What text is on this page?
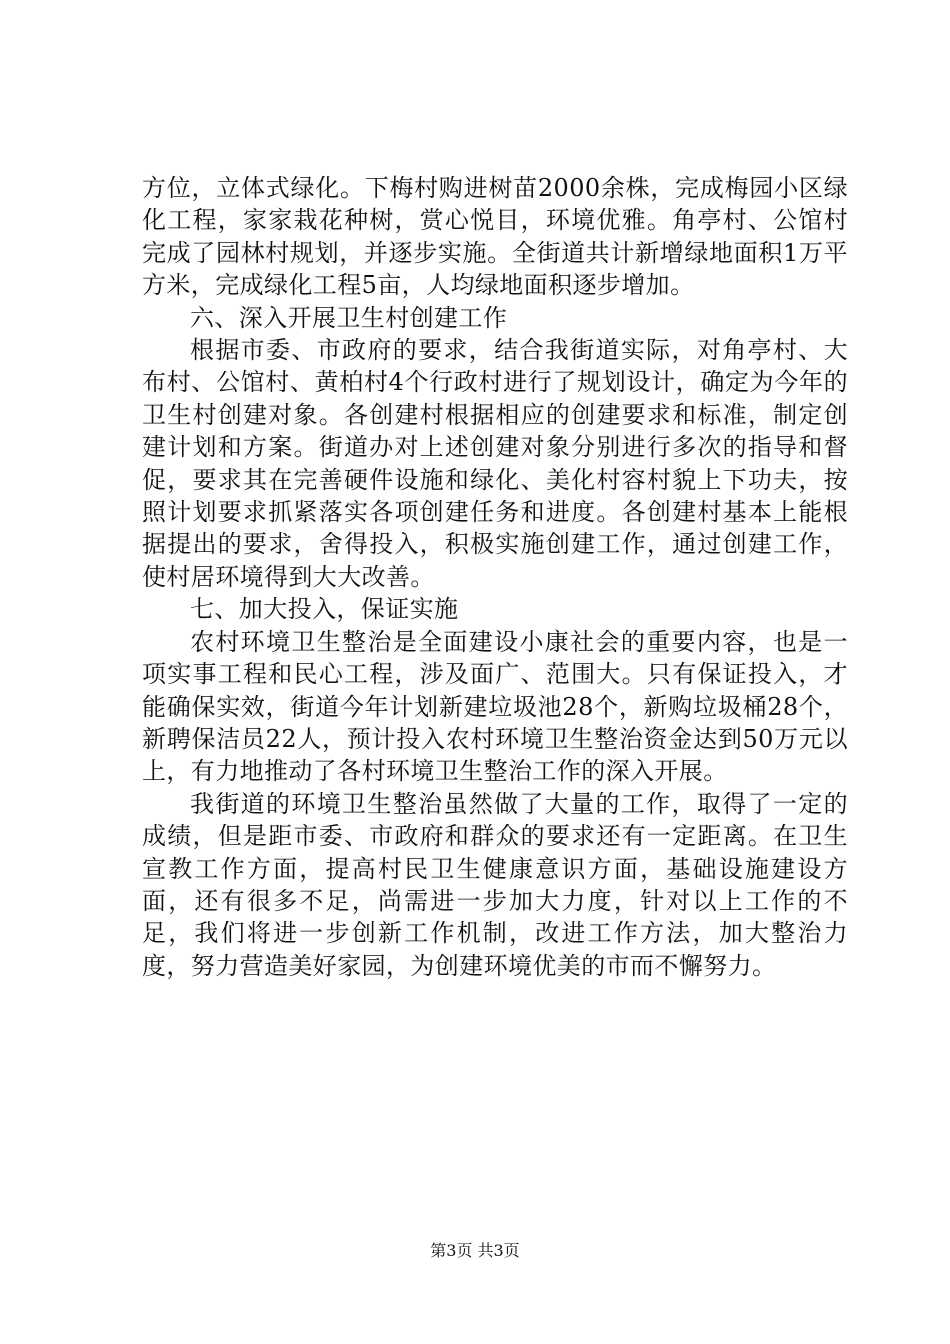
方位，立体式绿化。下梅村购进树苗2000余株，完成梅园小区绿化工程，家家栽花种树，赏心悦目，环境优雅。角亭村、公馆村完成了园林村规划，并逐步实施。全街道共计新增绿地面积1万平方米，完成绿化工程5亩，人均绿地面积逐步增加。

六、深入开展卫生村创建工作

根据市委、市政府的要求，结合我街道实际，对角亭村、大布村、公馆村、黄柏村4个行政村进行了规划设计，确定为今年的卫生村创建对象。各创建村根据相应的创建要求和标准，制定创建计划和方案。街道办对上述创建对象分别进行多次的指导和督促，要求其在完善硬件设施和绿化、美化村容村貌上下功夫，按照计划要求抓紧落实各项创建任务和进度。各创建村基本上能根据提出的要求，舍得投入，积极实施创建工作，通过创建工作，使村居环境得到大大改善。

七、加大投入，保证实施

农村环境卫生整治是全面建设小康社会的重要内容，也是一项实事工程和民心工程，涉及面广、范围大。只有保证投入，才能确保实效，街道今年计划新建垃圾池28个，新购垃圾桶28个，新聘保洁员22人，预计投入农村环境卫生整治资金达到50万元以上，有力地推动了各村环境卫生整治工作的深入开展。

我街道的环境卫生整治虽然做了大量的工作，取得了一定的成绩，但是距市委、市政府和群众的要求还有一定距离。在卫生宣教工作方面，提高村民卫生健康意识方面，基础设施建设方面，还有很多不足，尚需进一步加大力度，针对以上工作的不足，我们将进一步创新工作机制，改进工作方法，加大整治力度，努力营造美好家园，为创建环境优美的市而不懈努力。

第3页 共3页
